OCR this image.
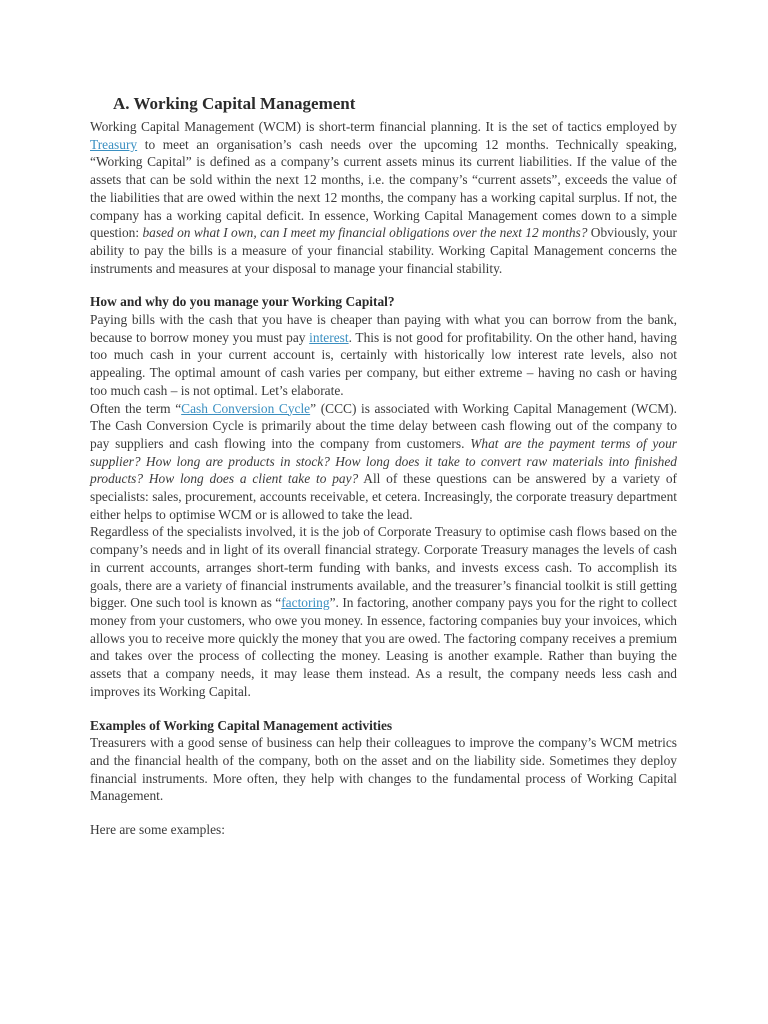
A. Working Capital Management

Working Capital Management (WCM) is short-term financial planning. It is the set of tactics employed by Treasury to meet an organisation’s cash needs over the upcoming 12 months. Technically speaking, “Working Capital” is defined as a company’s current assets minus its current liabilities. If the value of the assets that can be sold within the next 12 months, i.e. the company’s “current assets”, exceeds the value of the liabilities that are owed within the next 12 months, the company has a working capital surplus. If not, the company has a working capital deficit. In essence, Working Capital Management comes down to a simple question: based on what I own, can I meet my financial obligations over the next 12 months? Obviously, your ability to pay the bills is a measure of your financial stability. Working Capital Management concerns the instruments and measures at your disposal to manage your financial stability.

How and why do you manage your Working Capital?

Paying bills with the cash that you have is cheaper than paying with what you can borrow from the bank, because to borrow money you must pay interest. This is not good for profitability. On the other hand, having too much cash in your current account is, certainly with historically low interest rate levels, also not appealing. The optimal amount of cash varies per company, but either extreme – having no cash or having too much cash – is not optimal. Let’s elaborate.

Often the term “Cash Conversion Cycle” (CCC) is associated with Working Capital Management (WCM). The Cash Conversion Cycle is primarily about the time delay between cash flowing out of the company to pay suppliers and cash flowing into the company from customers. What are the payment terms of your supplier? How long are products in stock? How long does it take to convert raw materials into finished products? How long does a client take to pay? All of these questions can be answered by a variety of specialists: sales, procurement, accounts receivable, et cetera. Increasingly, the corporate treasury department either helps to optimise WCM or is allowed to take the lead.

Regardless of the specialists involved, it is the job of Corporate Treasury to optimise cash flows based on the company’s needs and in light of its overall financial strategy. Corporate Treasury manages the levels of cash in current accounts, arranges short-term funding with banks, and invests excess cash. To accomplish its goals, there are a variety of financial instruments available, and the treasurer’s financial toolkit is still getting bigger. One such tool is known as “factoring”. In factoring, another company pays you for the right to collect money from your customers, who owe you money. In essence, factoring companies buy your invoices, which allows you to receive more quickly the money that you are owed. The factoring company receives a premium and takes over the process of collecting the money. Leasing is another example. Rather than buying the assets that a company needs, it may lease them instead. As a result, the company needs less cash and improves its Working Capital.

Examples of Working Capital Management activities

Treasurers with a good sense of business can help their colleagues to improve the company’s WCM metrics and the financial health of the company, both on the asset and on the liability side. Sometimes they deploy financial instruments. More often, they help with changes to the fundamental process of Working Capital Management.

Here are some examples:
